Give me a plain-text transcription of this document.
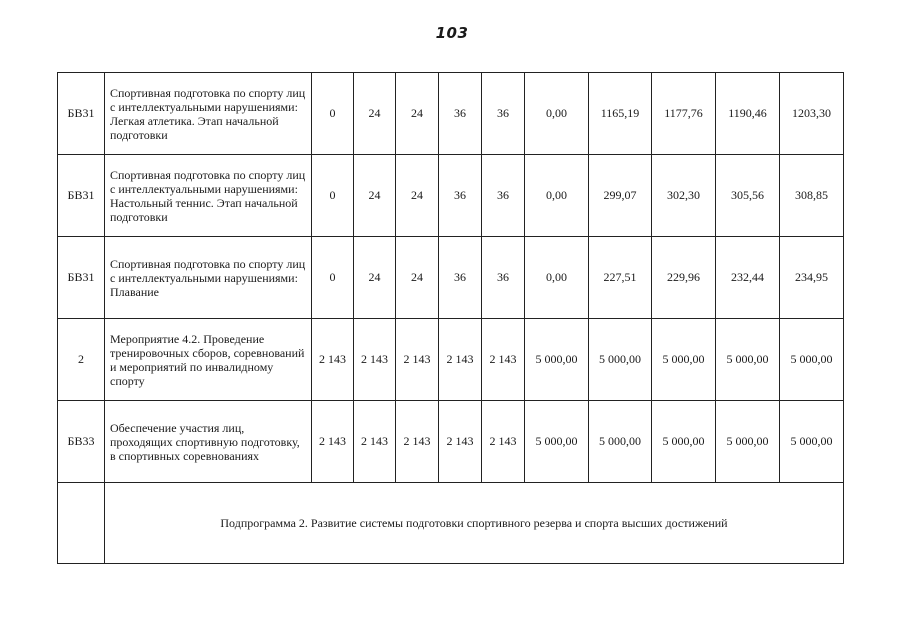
103
БВ31	Спортивная подготовка по спорту лиц с интеллектуальными нарушениями: Легкая атлетика. Этап начальной подготовки	0	24	24	36	36	0,00	1165,19	1177,76	1190,46	1203,30
БВ31	Спортивная подготовка по спорту лиц с интеллектуальными нарушениями: Настольный теннис. Этап начальной подготовки	0	24	24	36	36	0,00	299,07	302,30	305,56	308,85
БВ31	Спортивная подготовка по спорту лиц с интеллектуальными нарушениями: Плавание	0	24	24	36	36	0,00	227,51	229,96	232,44	234,95
2	Мероприятие 4.2. Проведение тренировочных сборов, соревнований и мероприятий по инвалидному спорту	2 143	2 143	2 143	2 143	2 143	5 000,00	5 000,00	5 000,00	5 000,00	5 000,00
БВ33	Обеспечение участия лиц, проходящих спортивную подготовку, в спортивных соревнованиях	2 143	2 143	2 143	2 143	2 143	5 000,00	5 000,00	5 000,00	5 000,00	5 000,00
	Подпрограмма 2. Развитие системы подготовки спортивного резерва и спорта высших достижений										
